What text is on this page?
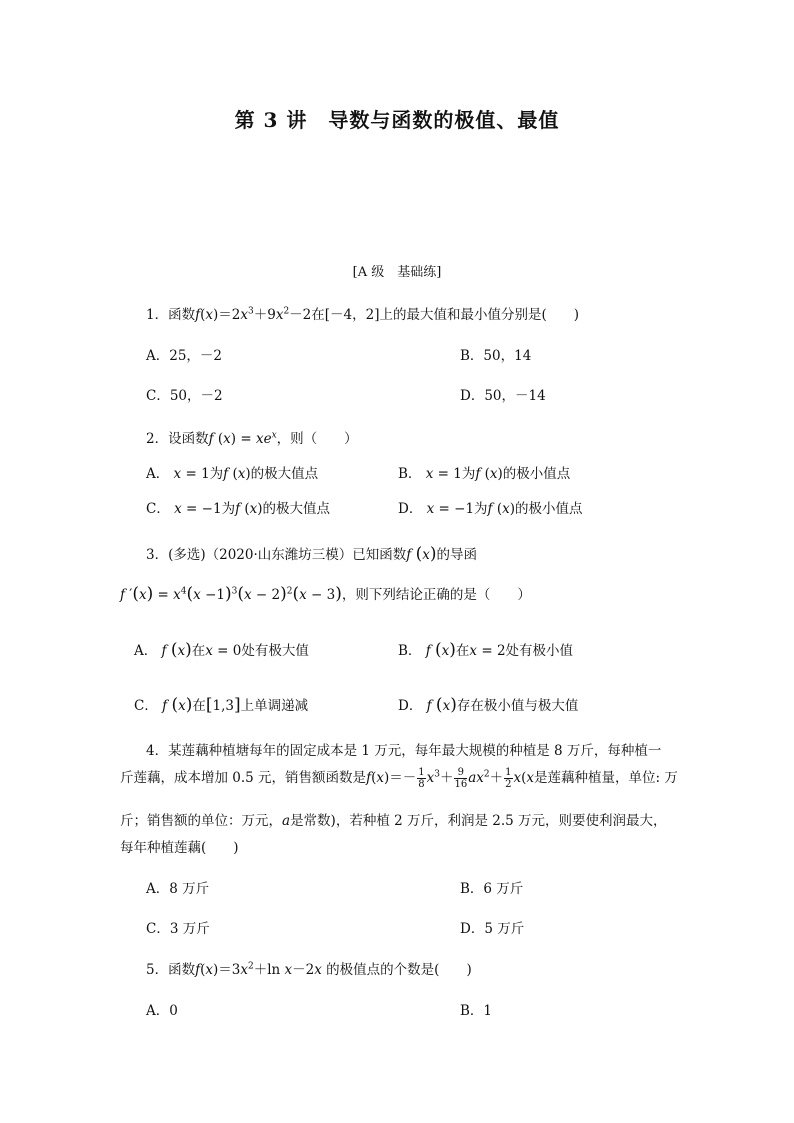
第 3 讲　导数与函数的极值、最值
[A 级　基础练]
1．函数$f(x)=2x^3+9x^2-2$在[－4，2]上的最大值和最小值分别是(　　)
A．25，－2	B．50，14
C．50，－2	D．50，－14
2．设函数f $(x) = xe^x$，则（　　）
A． x = 1为f (x)的极大值点	B． x = 1为f (x)的极小值点
C． x = −1为f (x)的极大值点	D． x = −1为f (x)的极小值点
3．(多选)（2020·山东潍坊三模）已知函数f (x)的导函
f $'(x) = x^4(x -1)^3(x - 2)^2(x - 3)$，则下列结论正确的是（　　）
A． f (x)在x = 0处有极大值	B． f (x)在x = 2处有极小值
C． f (x)在[1,3]上单调递减	D． f (x)存在极小值与极大值
4．某莲藕种植塘每年的固定成本是 1 万元，每年最大规模的种植是 8 万斤，每种植一
斤莲藕，成本增加 0.5 元，销售额函数是$f(x)=- \frac{1}{8} x^3+ \frac{9}{16} ax^2+ \frac{1}{2} x(x$是莲藕种植量，单位: 万
斤；销售额的单位：万元，a是常数)，若种植 2 万斤，利润是 2.5 万元，则要使利润最大，
每年种植莲藕(　　)
A．8 万斤	B．6 万斤
C．3 万斤	D．5 万斤
5．函数$f(x)=3x^2+\ln$ x－2x 的极值点的个数是(　　)
A．0	B．1
